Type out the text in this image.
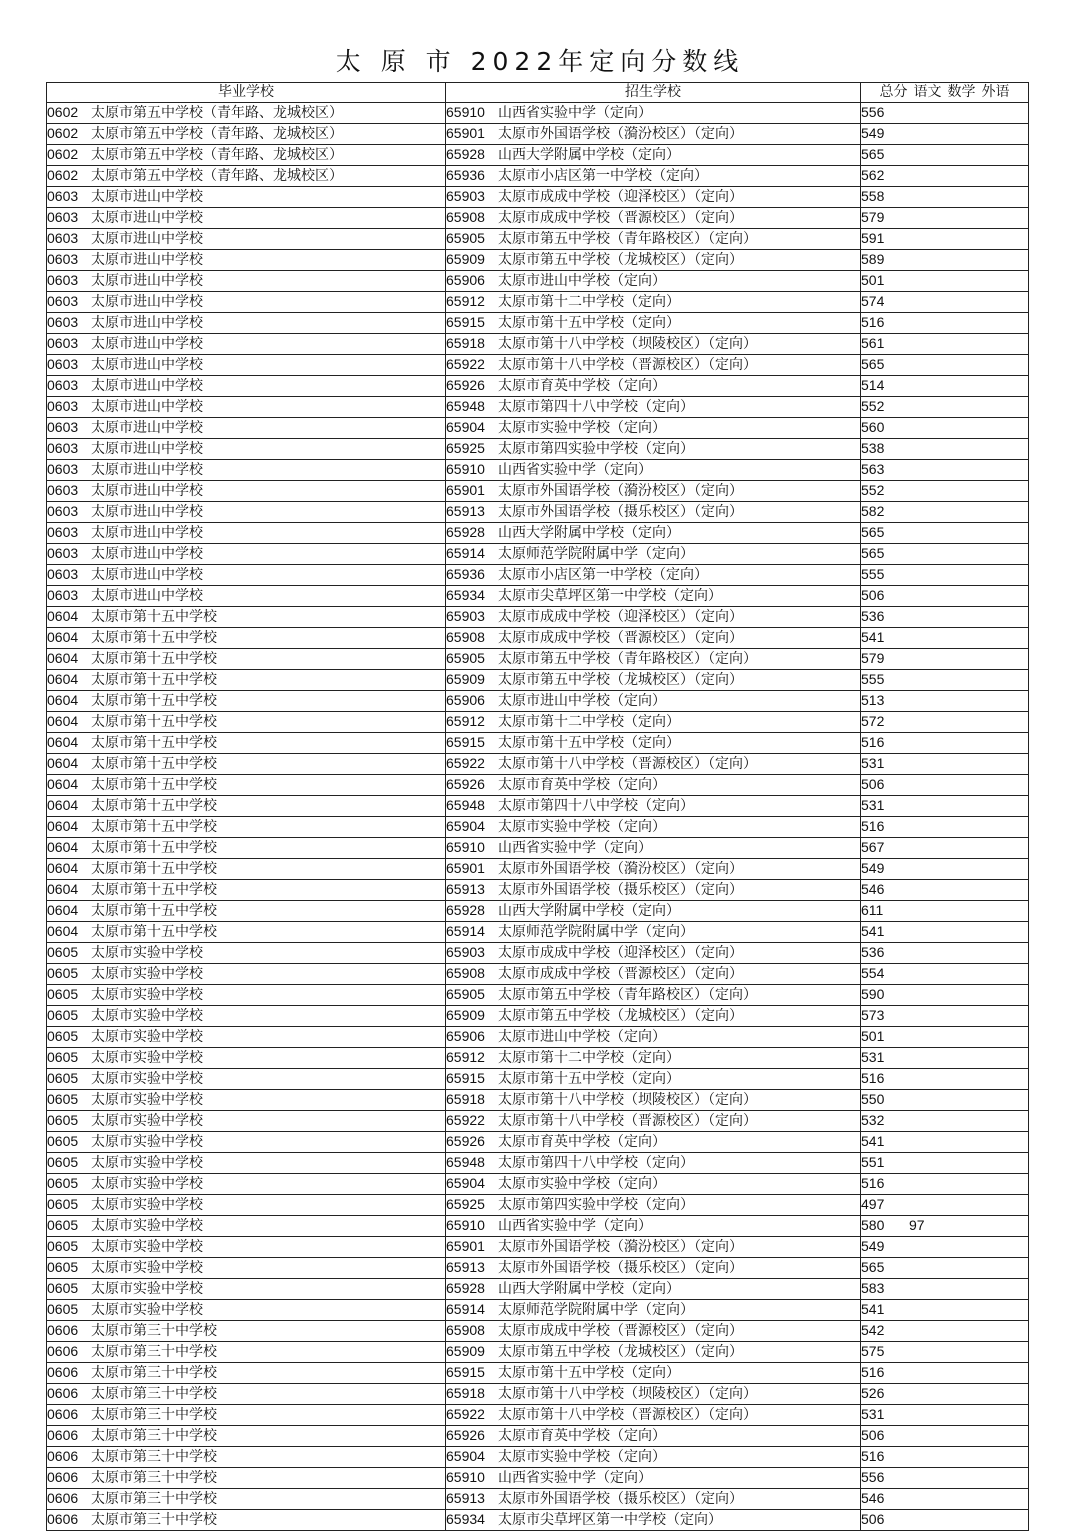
太 原 市 2022年定向分数线
毕业学校	招生学校	总分 语文 数学 外语
0602 太原市第五中学校（青年路、龙城校区）	65910 山西省实验中学（定向）	556
0602 太原市第五中学校（青年路、龙城校区）	65901 太原市外国语学校（漪汾校区）（定向）	549
0602 太原市第五中学校（青年路、龙城校区）	65928 山西大学附属中学校（定向）	565
0602 太原市第五中学校（青年路、龙城校区）	65936 太原市小店区第一中学校（定向）	562
0603 太原市进山中学校	65903 太原市成成中学校（迎泽校区）（定向）	558
0603 太原市进山中学校	65908 太原市成成中学校（晋源校区）（定向）	579
0603 太原市进山中学校	65905 太原市第五中学校（青年路校区）（定向）	591
0603 太原市进山中学校	65909 太原市第五中学校（龙城校区）（定向）	589
0603 太原市进山中学校	65906 太原市进山中学校（定向）	501
0603 太原市进山中学校	65912 太原市第十二中学校（定向）	574
0603 太原市进山中学校	65915 太原市第十五中学校（定向）	516
0603 太原市进山中学校	65918 太原市第十八中学校（坝陵校区）（定向）	561
0603 太原市进山中学校	65922 太原市第十八中学校（晋源校区）（定向）	565
0603 太原市进山中学校	65926 太原市育英中学校（定向）	514
0603 太原市进山中学校	65948 太原市第四十八中学校（定向）	552
0603 太原市进山中学校	65904 太原市实验中学校（定向）	560
0603 太原市进山中学校	65925 太原市第四实验中学校（定向）	538
0603 太原市进山中学校	65910 山西省实验中学（定向）	563
0603 太原市进山中学校	65901 太原市外国语学校（漪汾校区）（定向）	552
0603 太原市进山中学校	65913 太原市外国语学校（摄乐校区）（定向）	582
0603 太原市进山中学校	65928 山西大学附属中学校（定向）	565
0603 太原市进山中学校	65914 太原师范学院附属中学（定向）	565
0603 太原市进山中学校	65936 太原市小店区第一中学校（定向）	555
0603 太原市进山中学校	65934 太原市尖草坪区第一中学校（定向）	506
0604 太原市第十五中学校	65903 太原市成成中学校（迎泽校区）（定向）	536
0604 太原市第十五中学校	65908 太原市成成中学校（晋源校区）（定向）	541
0604 太原市第十五中学校	65905 太原市第五中学校（青年路校区）（定向）	579
0604 太原市第十五中学校	65909 太原市第五中学校（龙城校区）（定向）	555
0604 太原市第十五中学校	65906 太原市进山中学校（定向）	513
0604 太原市第十五中学校	65912 太原市第十二中学校（定向）	572
0604 太原市第十五中学校	65915 太原市第十五中学校（定向）	516
0604 太原市第十五中学校	65922 太原市第十八中学校（晋源校区）（定向）	531
0604 太原市第十五中学校	65926 太原市育英中学校（定向）	506
0604 太原市第十五中学校	65948 太原市第四十八中学校（定向）	531
0604 太原市第十五中学校	65904 太原市实验中学校（定向）	516
0604 太原市第十五中学校	65910 山西省实验中学（定向）	567
0604 太原市第十五中学校	65901 太原市外国语学校（漪汾校区）（定向）	549
0604 太原市第十五中学校	65913 太原市外国语学校（摄乐校区）（定向）	546
0604 太原市第十五中学校	65928 山西大学附属中学校（定向）	611
0604 太原市第十五中学校	65914 太原师范学院附属中学（定向）	541
0605 太原市实验中学校	65903 太原市成成中学校（迎泽校区）（定向）	536
0605 太原市实验中学校	65908 太原市成成中学校（晋源校区）（定向）	554
0605 太原市实验中学校	65905 太原市第五中学校（青年路校区）（定向）	590
0605 太原市实验中学校	65909 太原市第五中学校（龙城校区）（定向）	573
0605 太原市实验中学校	65906 太原市进山中学校（定向）	501
0605 太原市实验中学校	65912 太原市第十二中学校（定向）	531
0605 太原市实验中学校	65915 太原市第十五中学校（定向）	516
0605 太原市实验中学校	65918 太原市第十八中学校（坝陵校区）（定向）	550
0605 太原市实验中学校	65922 太原市第十八中学校（晋源校区）（定向）	532
0605 太原市实验中学校	65926 太原市育英中学校（定向）	541
0605 太原市实验中学校	65948 太原市第四十八中学校（定向）	551
0605 太原市实验中学校	65904 太原市实验中学校（定向）	516
0605 太原市实验中学校	65925 太原市第四实验中学校（定向）	497
0605 太原市实验中学校	65910 山西省实验中学（定向）	580 97
0605 太原市实验中学校	65901 太原市外国语学校（漪汾校区）（定向）	549
0605 太原市实验中学校	65913 太原市外国语学校（摄乐校区）（定向）	565
0605 太原市实验中学校	65928 山西大学附属中学校（定向）	583
0605 太原市实验中学校	65914 太原师范学院附属中学（定向）	541
0606 太原市第三十中学校	65908 太原市成成中学校（晋源校区）（定向）	542
0606 太原市第三十中学校	65909 太原市第五中学校（龙城校区）（定向）	575
0606 太原市第三十中学校	65915 太原市第十五中学校（定向）	516
0606 太原市第三十中学校	65918 太原市第十八中学校（坝陵校区）（定向）	526
0606 太原市第三十中学校	65922 太原市第十八中学校（晋源校区）（定向）	531
0606 太原市第三十中学校	65926 太原市育英中学校（定向）	506
0606 太原市第三十中学校	65904 太原市实验中学校（定向）	516
0606 太原市第三十中学校	65910 山西省实验中学（定向）	556
0606 太原市第三十中学校	65913 太原市外国语学校（摄乐校区）（定向）	546
0606 太原市第三十中学校	65934 太原市尖草坪区第一中学校（定向）	506
